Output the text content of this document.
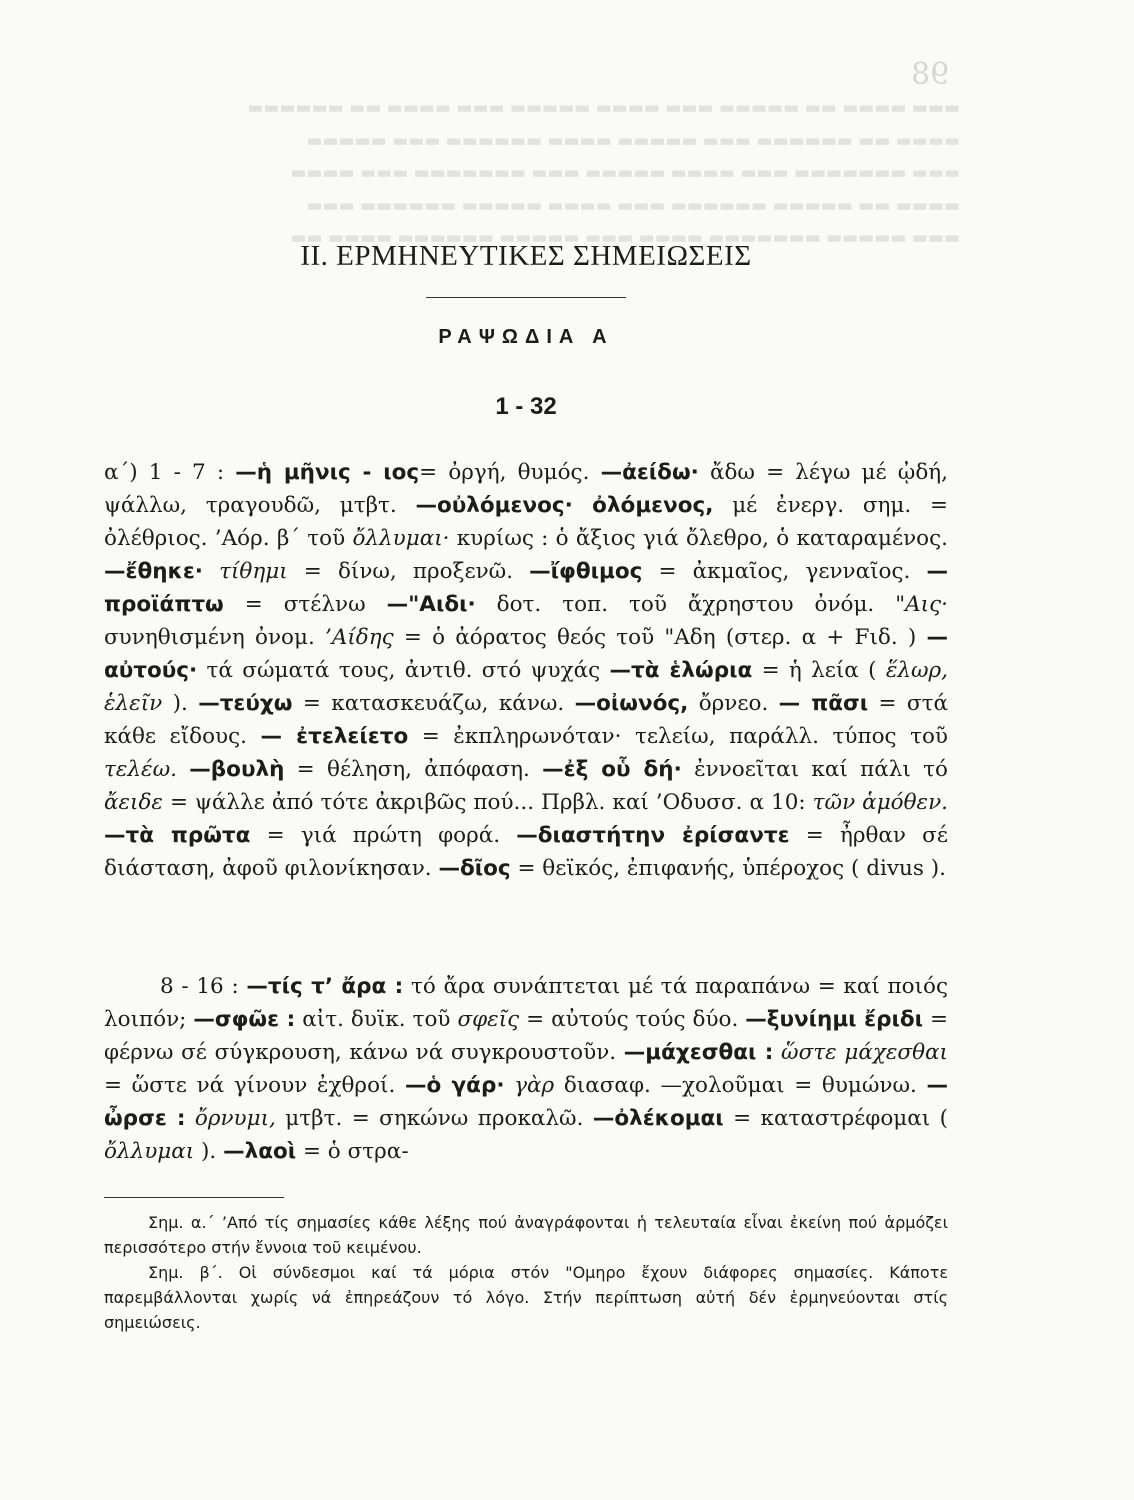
98
▬▬▬ ▬▬▬▬ ▬▬ ▬▬▬▬▬ ▬▬▬ ▬▬▬▬ ▬▬▬▬▬ ▬▬▬ ▬▬▬▬ ▬▬ ▬▬▬▬▬▬
▬▬▬▬ ▬▬ ▬▬▬▬▬▬ ▬▬▬ ▬▬▬▬▬ ▬▬▬▬ ▬▬▬▬▬▬ ▬▬▬ ▬▬▬▬▬
▬▬▬ ▬▬▬▬▬▬▬ ▬▬▬ ▬▬▬▬ ▬▬▬▬▬ ▬▬▬ ▬▬▬▬▬▬▬ ▬▬▬ ▬▬▬▬
▬▬▬▬ ▬▬ ▬▬▬▬▬ ▬▬▬▬▬▬ ▬▬▬ ▬▬▬▬ ▬▬▬▬▬ ▬▬▬▬▬▬ ▬▬▬
▬▬▬ ▬▬▬▬▬ ▬▬▬▬▬▬▬ ▬▬▬▬ ▬▬▬ ▬▬▬▬▬ ▬▬▬▬▬▬ ▬▬▬▬ ▬▬
ΙΙ. ΕΡΜΗΝΕΥΤΙΚΕΣ ΣΗΜΕΙΩΣΕΙΣ
ΡΑΨΩΔΙΑ Α
1 - 32

α΄) 1 - 7 : —ἡ μῆνις - ιος= ὀργή, θυμός. —ἀείδω· ἄδω = λέγω μέ ᾠδή, ψάλλω, τραγουδῶ, μτβτ. —οὐλόμενος· ὀλόμενος, μέ ἐνεργ. σημ. = ὀλέθριος. ’Αόρ. β΄ τοῦ ὄλλυμαι· κυρίως : ὁ ἄξιος γιά ὄλεθρο, ὁ καταραμένος. —ἔθηκε· τίθημι = δίνω, προξενῶ. —ἴφθιμος = ἀκμαῖος, γενναῖος. —προϊάπτω = στέλνω —"Αιδι· δοτ. τοπ. τοῦ ἄχρηστου ὀνόμ. "Αις· συνηθισμένη ὀνομ. ’Αίδης = ὁ ἀόρατος θεός τοῦ "Αδη (στερ. α + Fιδ. ) —αὐτούς· τά σώματά τους, ἀντιθ. στό ψυχάς —τὰ ἑλώρια = ἡ λεία ( ἕλωρ, ἑλεῖν ). —τεύχω = κατασκευάζω, κάνω. —οἰωνός, ὄρνεο. — πᾶσι = στά κάθε εἴδους. — ἐτελείετο = ἐκπληρωνόταν· τελείω, παράλλ. τύπος τοῦ τελέω. —βουλὴ = θέληση, ἀπόφαση. —ἐξ οὗ δή· ἐννοεῖται καί πάλι τό ἄειδε = ψάλλε ἀπό τότε ἀκριβῶς πού... Πρβλ. καί ’Οδυσσ. α 10: τῶν ἁμόθεν. —τὰ πρῶτα = γιά πρώτη φορά. —διαστήτην ἐρίσαντε = ἦρθαν σέ διάσταση, ἀφοῦ φιλονίκησαν. —δῖος = θεϊκός, ἐπιφανής, ὑπέροχος ( divus ).

8 - 16 : —τίς τ’ ἄρα : τό ἄρα συνάπτεται μέ τά παραπάνω = καί ποιός λοιπόν; —σφῶε : αἰτ. δυϊκ. τοῦ σφεῖς = αὐτούς τούς δύο. —ξυνίημι ἔριδι = φέρνω σέ σύγκρουση, κάνω νά συγκρουστοῦν. —μάχεσθαι : ὥστε μάχεσθαι = ὥστε νά γίνουν ἐχθροί. —ὁ γάρ· γὰρ διασαφ. —χολοῦμαι = θυμώνω. —ὦρσε : ὄρνυμι, μτβτ. = σηκώνω προκαλῶ. —ὀλέκομαι = καταστρέφομαι ( ὄλλυμαι ). —λαοὶ = ὁ στρα-

Σημ. α.΄ ’Από τίς σημασίες κάθε λέξης πού ἀναγράφονται ἡ τελευταία εἶναι ἐκείνη πού ἁρμόζει περισσότερο στήν ἔννοια τοῦ κειμένου.

Σημ. β΄. Οἱ σύνδεσμοι καί τά μόρια στόν "Ομηρο ἔχουν διάφορες σημασίες. Κάποτε παρεμβάλλονται χωρίς νά ἐπηρεάζουν τό λόγο. Στήν περίπτωση αὐτή δέν ἑρμηνεύονται στίς σημειώσεις.
